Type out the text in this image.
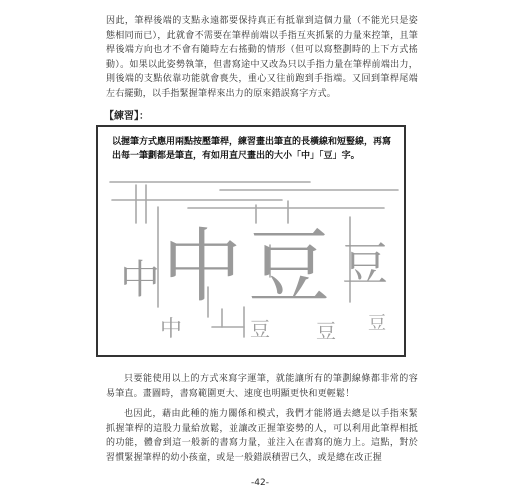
因此，筆桿後端的支點永遠都要保持真正有抵靠到這個力量（不能光只是姿態相同而已），此就會不需要在筆桿前端以手指互夾抓緊的力量來控筆，且筆桿後端方向也才不會有隨時左右搖動的情形（但可以寫整劃時的上下方式搖動）。如果以此姿勢執筆，但書寫途中又改為只以手指力量在筆桿前端出力，則後端的支點依靠功能就會喪失，重心又往前跑到手指端。又回到筆桿尾端左右擺動，以手指緊握筆桿來出力的原來錯誤寫字方式。

【練習】：
以握筆方式應用兩點按壓筆桿，練習畫出筆直的長橫線和短豎線，再寫出每一筆劃都是筆直，有如用直尺畫出的大小「中」「豆」字。
中 中
中
豆 豆
豆 豆 豆

只要能使用以上的方式來寫字運筆，就能讓所有的筆劃線條都非常的容易筆直。畫圖時，書寫範圍更大、速度也明顯更快和更輕鬆！

也因此，藉由此種的施力關係和模式，我們才能將過去總是以手指來緊抓握筆桿的這股力量給放鬆，並讓改正握筆姿勢的人，可以利用此筆桿相抵的功能，體會到這一般新的書寫力量，並注入在書寫的施力上。這點，對於習慣緊握筆桿的幼小孩童，或是一般錯誤積習已久，或是總在改正握

-42-
